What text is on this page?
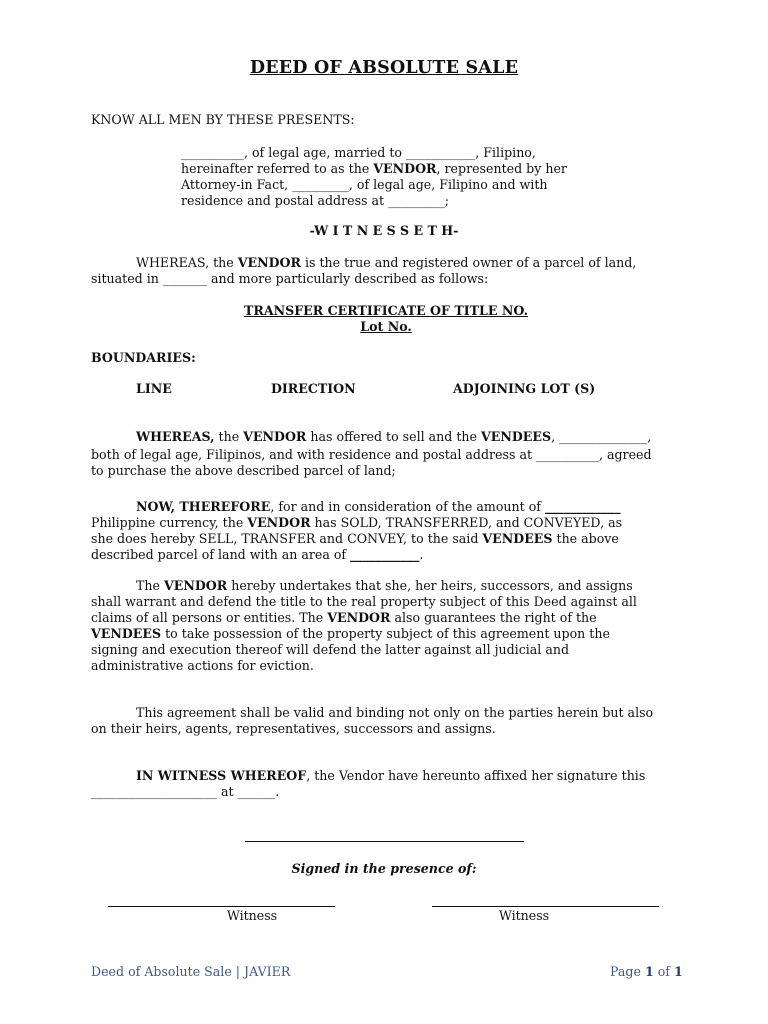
DEED OF ABSOLUTE SALE
KNOW ALL MEN BY THESE PRESENTS:
__________, of legal age, married to ___________, Filipino,
hereinafter referred to as the VENDOR, represented by her
Attorney-in Fact, _________, of legal age, Filipino and with
residence and postal address at _________;
-W I T N E S S E T H-
WHEREAS, the VENDOR is the true and registered owner of a parcel of land,
situated in _______ and more particularly described as follows:
TRANSFER CERTIFICATE OF TITLE NO.
Lot No.
BOUNDARIES:
LINE	DIRECTION	ADJOINING LOT (S)
WHEREAS, the VENDOR has offered to sell and the VENDEES, ______________,
both of legal age, Filipinos, and with residence and postal address at __________, agreed
to purchase the above described parcel of land;
NOW, THEREFORE, for and in consideration of the amount of ____________
Philippine currency, the VENDOR has SOLD, TRANSFERRED, and CONVEYED, as
she does hereby SELL, TRANSFER and CONVEY, to the said VENDEES the above
described parcel of land with an area of ___________.
The VENDOR hereby undertakes that she, her heirs, successors, and assigns
shall warrant and defend the title to the real property subject of this Deed against all
claims of all persons or entities. The VENDOR also guarantees the right of the
VENDEES to take possession of the property subject of this agreement upon the
signing and execution thereof will defend the latter against all judicial and
administrative actions for eviction.
This agreement shall be valid and binding not only on the parties herein but also
on their heirs, agents, representatives, successors and assigns.
IN WITNESS WHEREOF, the Vendor have hereunto affixed her signature this
____________________ at ______.
Signed in the presence of:
Witness	Witness
Deed of Absolute Sale | JAVIER	Page 1 of 1
